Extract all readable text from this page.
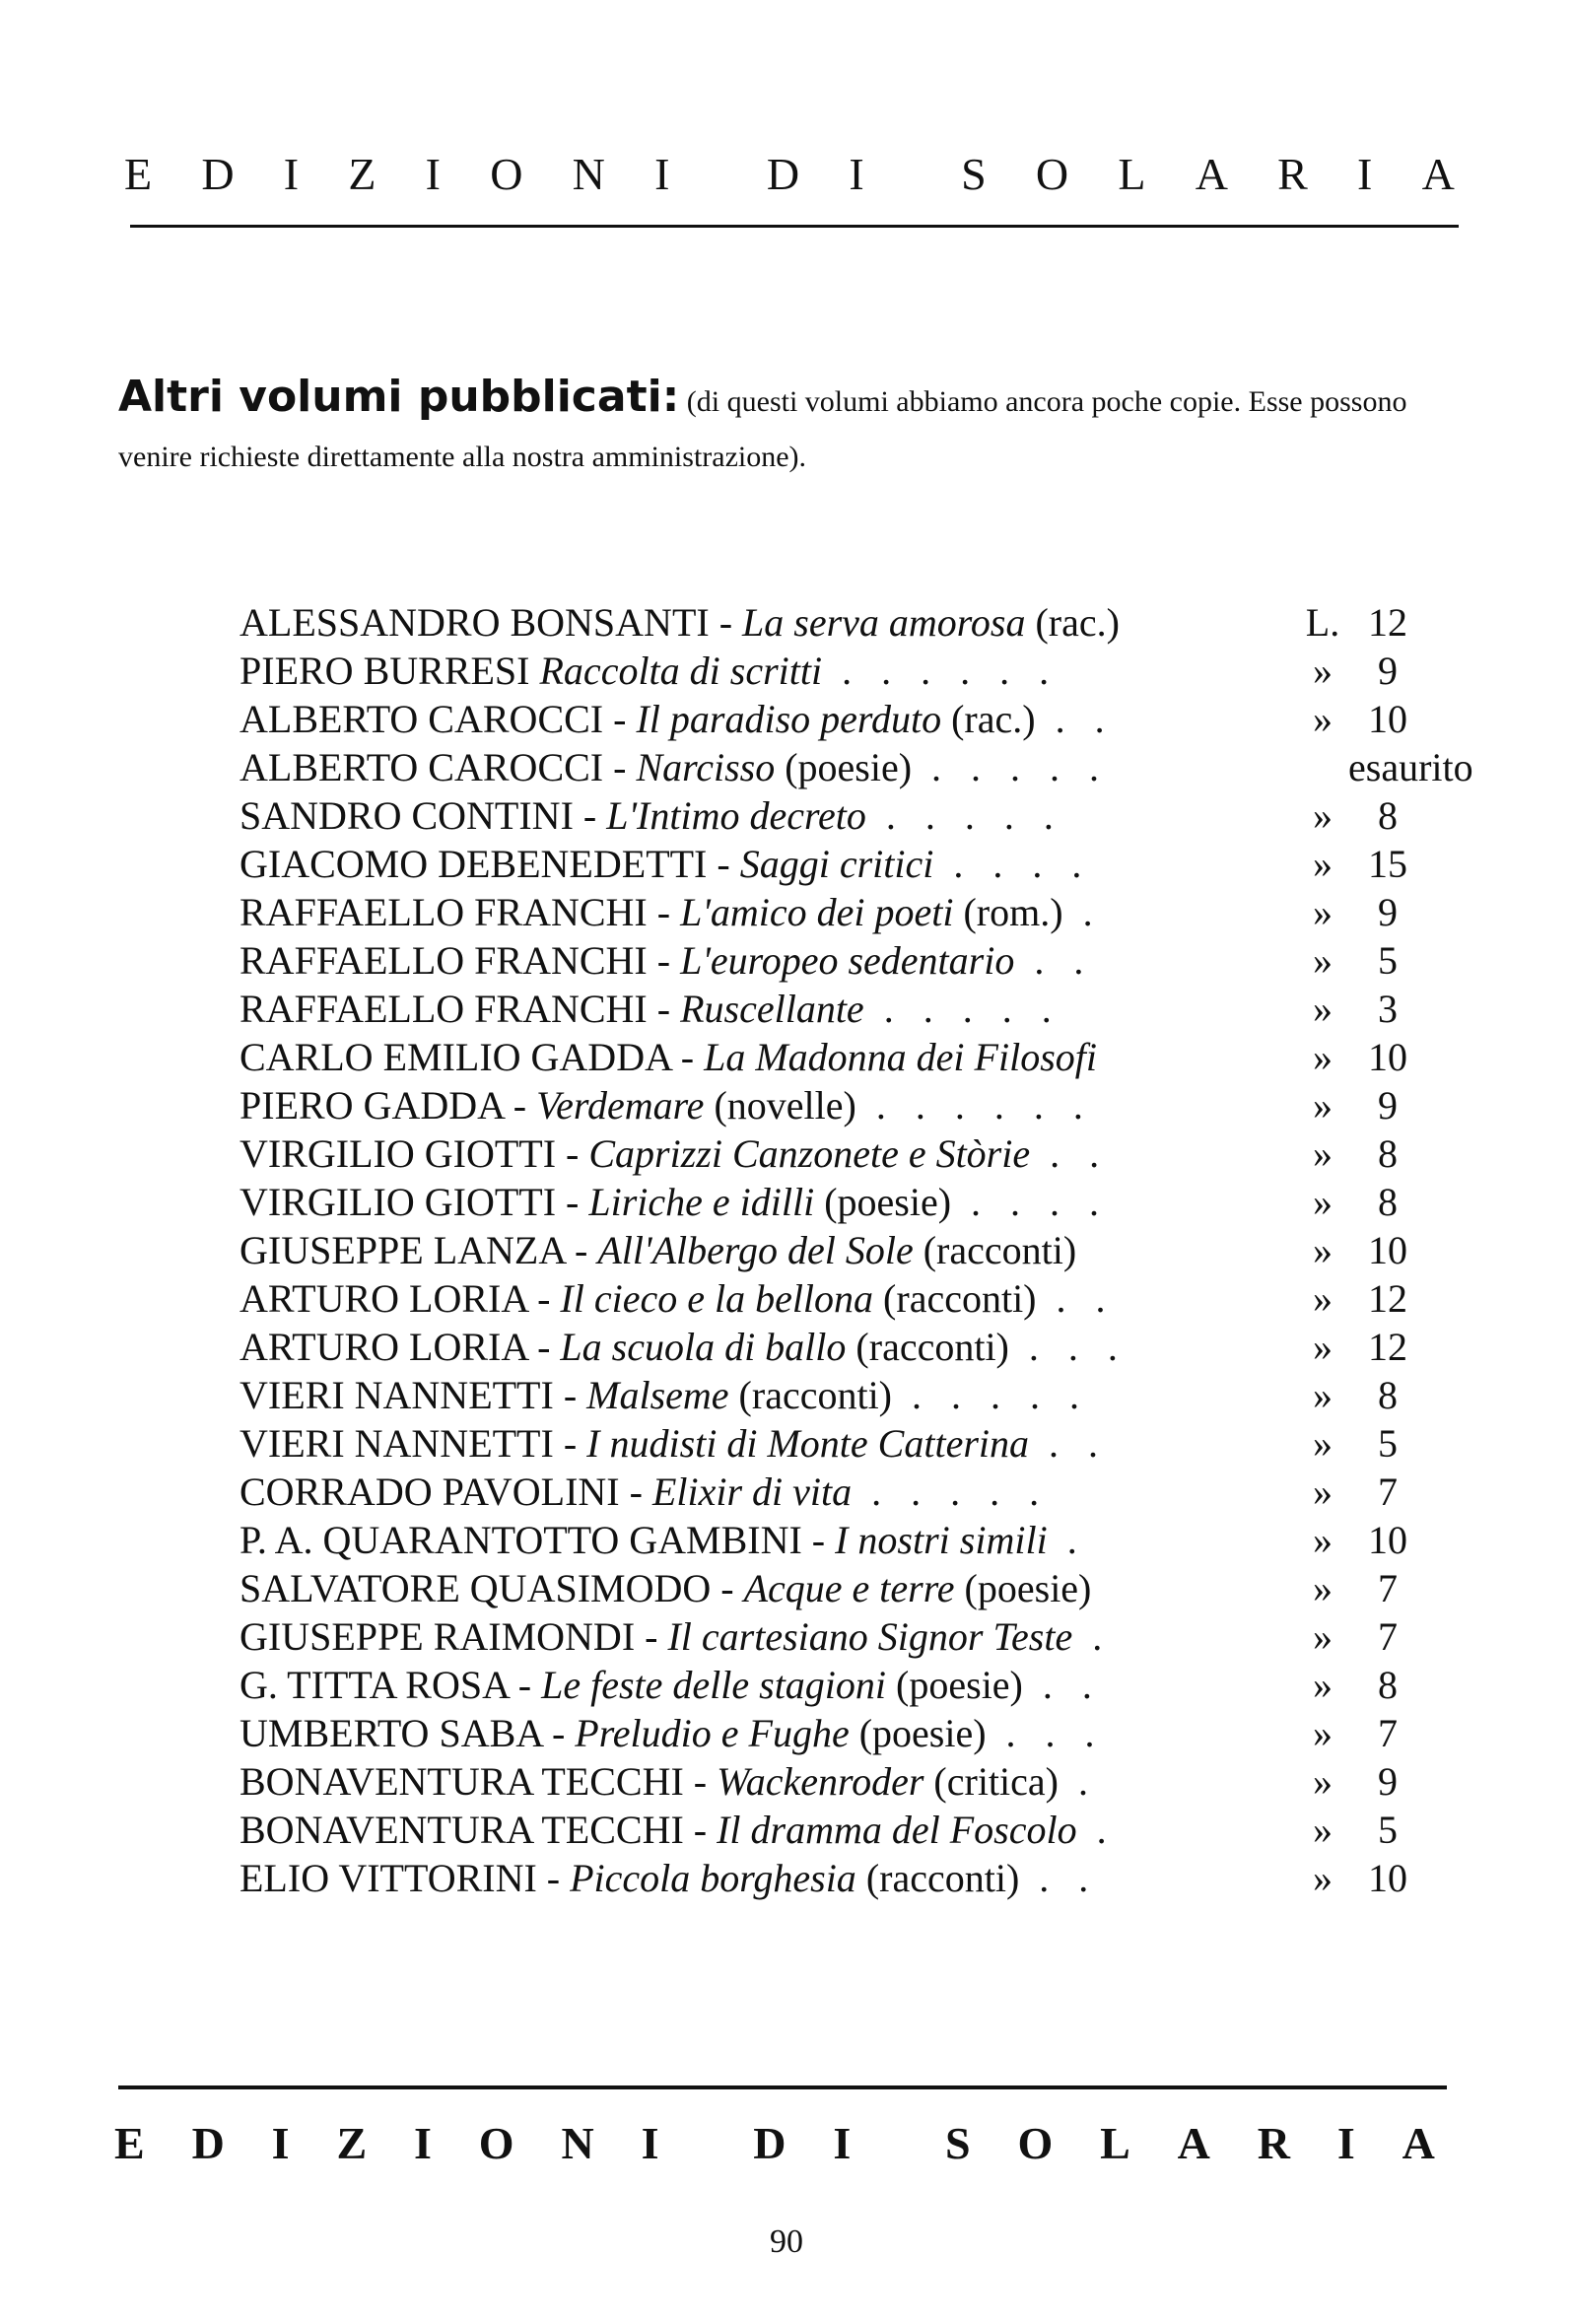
E D I Z I O N I D I S O L A R I A
Altri volumi pubblicati: (di questi volumi abbiamo ancora poche copie. Esse possono venire richieste direttamente alla nostra amministrazione).
ALESSANDRO BONSANTI - La serva amorosa (rac.)	L. 12
PIERO BURRESI Raccolta di scritti . . . . . .	»	9
ALBERTO CAROCCI - Il paradiso perduto (rac.) . .	» 10
ALBERTO CAROCCI - Narcisso (poesie) . . . . .	esaurito
SANDRO CONTINI - L'Intimo decreto . . . . .	»	8
GIACOMO DEBENEDETTI - Saggi critici . . . .	» 15
RAFFAELLO FRANCHI - L'amico dei poeti (rom.) .	»	9
RAFFAELLO FRANCHI - L'europeo sedentario . .	»	5
RAFFAELLO FRANCHI - Ruscellante . . . . .	»	3
CARLO EMILIO GADDA - La Madonna dei Filosofi	» 10
PIERO GADDA - Verdemare (novelle) . . . . . .	»	9
VIRGILIO GIOTTI - Caprizzi Canzonete e Stòrie . .	»	8
VIRGILIO GIOTTI - Liriche e idilli (poesie) . . . .	»	8
GIUSEPPE LANZA - All'Albergo del Sole (racconti)	» 10
ARTURO LORIA - Il cieco e la bellona (racconti) . .	» 12
ARTURO LORIA - La scuola di ballo (racconti) . . .	» 12
VIERI NANNETTI - Malseme (racconti) . . . . .	»	8
VIERI NANNETTI - I nudisti di Monte Catterina . .	»	5
CORRADO PAVOLINI - Elixir di vita . . . . .	»	7
P. A. QUARANTOTTO GAMBINI - I nostri simili .	» 10
SALVATORE QUASIMODO - Acque e terre (poesie)	»	7
GIUSEPPE RAIMONDI - Il cartesiano Signor Teste .	»	7
G. TITTA ROSA - Le feste delle stagioni (poesie) . .	»	8
UMBERTO SABA - Preludio e Fughe (poesie) . . .	»	7
BONAVENTURA TECCHI - Wackenroder (critica) .	»	9
BONAVENTURA TECCHI - Il dramma del Foscolo .	»	5
ELIO VITTORINI - Piccola borghesia (racconti) . .	» 10
E D I Z I O N I D I S O L A R I A
90
